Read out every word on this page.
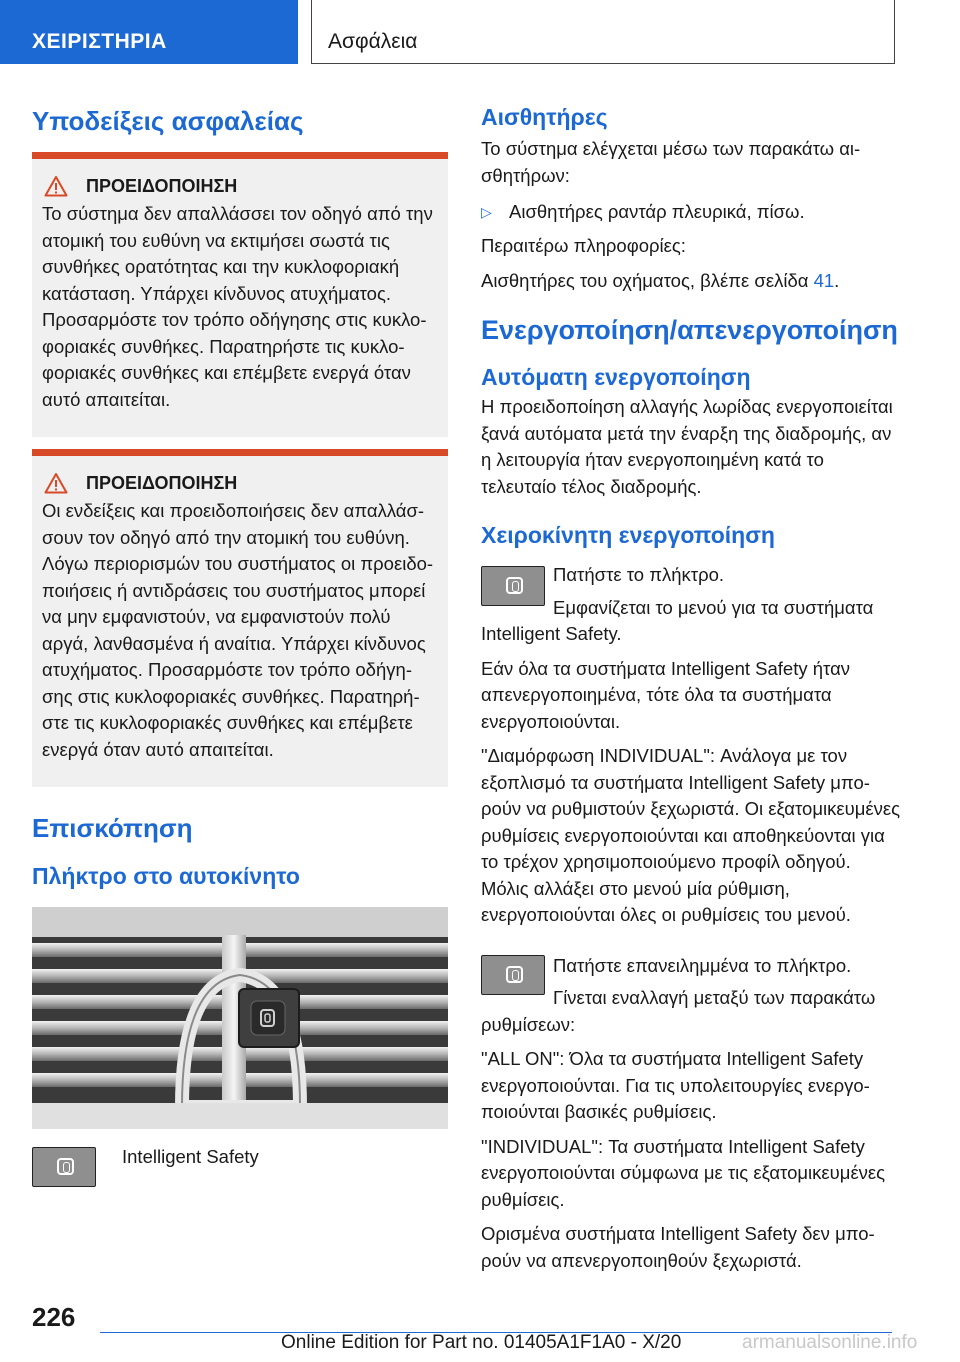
ΧΕΙΡΙΣΤΗΡΙΑ	Ασφάλεια
Υποδείξεις ασφαλείας
ΠΡΟΕΙΔΟΠΟΙΗΣΗ
Το σύστημα δεν απαλλάσσει τον οδηγό από την ατομική του ευθύνη να εκτιμήσει σωστά τις συνθήκες ορατότητας και την κυκλοφοριακή κατάσταση. Υπάρχει κίνδυνος ατυχήματος. Προσαρμόστε τον τρόπο οδήγησης στις κυκλοφοριακές συνθήκες. Παρατηρήστε τις κυκλοφοριακές συνθήκες και επέμβετε ενεργά όταν αυτό απαιτείται.
ΠΡΟΕΙΔΟΠΟΙΗΣΗ
Οι ενδείξεις και προειδοποιήσεις δεν απαλλάσσουν τον οδηγό από την ατομική του ευθύνη. Λόγω περιορισμών του συστήματος οι προειδοποιήσεις ή αντιδράσεις του συστήματος μπορεί να μην εμφανιστούν, να εμφανιστούν πολύ αργά, λανθασμένα ή αναίτια. Υπάρχει κίνδυνος ατυχήματος. Προσαρμόστε τον τρόπο οδήγησης στις κυκλοφοριακές συνθήκες. Παρατηρήστε τις κυκλοφοριακές συνθήκες και επέμβετε ενεργά όταν αυτό απαιτείται.
Επισκόπηση
Πλήκτρο στο αυτοκίνητο
Intelligent Safety
Αισθητήρες
Το σύστημα ελέγχεται μέσω των παρακάτω αισθητήρων:
▷ Αισθητήρες ραντάρ πλευρικά, πίσω.
Περαιτέρω πληροφορίες:
Αισθητήρες του οχήματος, βλέπε σελίδα 41.
Ενεργοποίηση/απενεργοποίηση
Αυτόματη ενεργοποίηση
Η προειδοποίηση αλλαγής λωρίδας ενεργοποιείται ξανά αυτόματα μετά την έναρξη της διαδρομής, αν η λειτουργία ήταν ενεργοποιημένη κατά το τελευταίο τέλος διαδρομής.
Χειροκίνητη ενεργοποίηση
Πατήστε το πλήκτρο.
Εμφανίζεται το μενού για τα συστήματα Intelligent Safety.
Εάν όλα τα συστήματα Intelligent Safety ήταν απενεργοποιημένα, τότε όλα τα συστήματα ενεργοποιούνται.
"Διαμόρφωση INDIVIDUAL": Ανάλογα με τον εξοπλισμό τα συστήματα Intelligent Safety μπορούν να ρυθμιστούν ξεχωριστά. Οι εξατομικευμένες ρυθμίσεις ενεργοποιούνται και αποθηκεύονται για το τρέχον χρησιμοποιούμενο προφίλ οδηγού. Μόλις αλλάξει στο μενού μία ρύθμιση, ενεργοποιούνται όλες οι ρυθμίσεις του μενού.
Πατήστε επανειλημμένα το πλήκτρο.
Γίνεται εναλλαγή μεταξύ των παρακάτω ρυθμίσεων:
"ALL ON": Όλα τα συστήματα Intelligent Safety ενεργοποιούνται. Για τις υπολειτουργίες ενεργοποιούνται βασικές ρυθμίσεις.
"INDIVIDUAL": Τα συστήματα Intelligent Safety ενεργοποιούνται σύμφωνα με τις εξατομικευμένες ρυθμίσεις.
Ορισμένα συστήματα Intelligent Safety δεν μπορούν να απενεργοποιηθούν ξεχωριστά.
226
Online Edition for Part no. 01405A1F1A0 - X/20	armanualsonline.info
